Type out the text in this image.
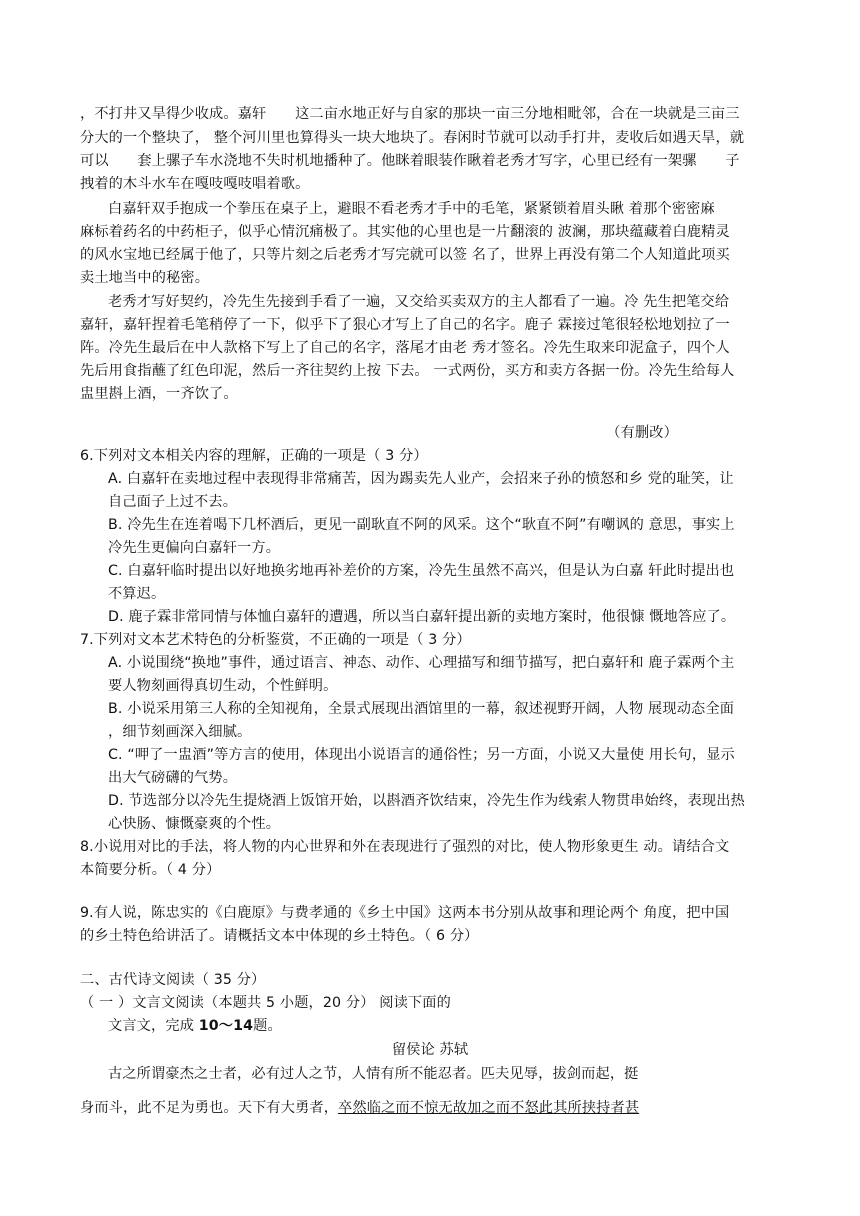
，不打井又旱得少收成。嘉轩　　这二亩水地正好与自家的那块一亩三分地相毗邻，合在一块就是三亩三
分大的一个整块了， 整个河川里也算得头一块大地块了。春闲时节就可以动手打井，麦收后如遇天旱，就
可以　　套上骡子车水浇地不失时机地播种了。他眯着眼装作瞅着老秀才写字，心里已经有一架骡　　子
拽着的木斗水车在嘎吱嘎吱唱着歌。
白嘉轩双手抱成一个拳压在桌子上，避眼不看老秀才手中的毛笔，紧紧锁着眉头瞅 着那个密密麻
麻标着药名的中药柜子，似乎心情沉痛极了。其实他的心里也是一片翻滚的 波澜，那块蕴藏着白鹿精灵
的风水宝地已经属于他了，只等片刻之后老秀才写完就可以签 名了，世界上再没有第二个人知道此项买
卖土地当中的秘密。
老秀才写好契约，冷先生先接到手看了一遍，又交给买卖双方的主人都看了一遍。冷 先生把笔交给
嘉轩，嘉轩捏着毛笔稍停了一下，似乎下了狠心才写上了自己的名字。鹿子 霖接过笔很轻松地划拉了一
阵。冷先生最后在中人款格下写上了自己的名字，落尾才由老 秀才签名。冷先生取来印泥盒子，四个人
先后用食指蘸了红色印泥，然后一齐往契约上按 下去。 一式两份，买方和卖方各据一份。冷先生给每人
盅里斟上酒，一齐饮了。
（有删改）
6.下列对文本相关内容的理解，正确的一项是（ 3 分）
A. 白嘉轩在卖地过程中表现得非常痛苦，因为踢卖先人业产，会招来子孙的愤怒和乡 党的耻笑，让
自己面子上过不去。
B. 冷先生在连着喝下几杯酒后，更见一副耿直不阿的风采。这个“耿直不阿”有嘲讽的 意思，事实上
冷先生更偏向白嘉轩一方。
C. 白嘉轩临时提出以好地换劣地再补差价的方案，冷先生虽然不高兴，但是认为白嘉 轩此时提出也
不算迟。
D. 鹿子霖非常同情与体恤白嘉轩的遭遇，所以当白嘉轩提出新的卖地方案时，他很慷 慨地答应了。
7.下列对文本艺术特色的分析鉴赏，不正确的一项是（ 3 分）
A. 小说围绕“换地”事件，通过语言、神态、动作、心理描写和细节描写，把白嘉轩和 鹿子霖两个主
要人物刻画得真切生动，个性鲜明。
B. 小说采用第三人称的全知视角，全景式展现出酒馆里的一幕，叙述视野开阔，人物 展现动态全面
，细节刻画深入细腻。
C. “呷了一盅酒”等方言的使用，体现出小说语言的通俗性；另一方面，小说又大量使 用长句，显示
出大气磅礴的气势。
D. 节选部分以冷先生提烧酒上饭馆开始，以斟酒齐饮结束，冷先生作为线索人物贯串始终，表现出热
心快肠、慷慨豪爽的个性。
8.小说用对比的手法，将人物的内心世界和外在表现进行了强烈的对比，使人物形象更生 动。请结合文
本简要分析。（ 4 分）
9.有人说，陈忠实的《白鹿原》与费孝通的《乡土中国》这两本书分别从故事和理论两个 角度，把中国
的乡土特色给讲活了。请概括文本中体现的乡土特色。（ 6 分）
二、古代诗文阅读（ 35 分）
（ 一 ）文言文阅读（本题共 5 小题，20 分） 阅读下面的
文言文，完成 10～14题。
留侯论 苏轼
古之所谓豪杰之士者，必有过人之节，人情有所不能忍者。匹夫见辱，拔剑而起，挺
身而斗，此不足为勇也。天下有大勇者，卒然临之而不惊无故加之而不怒此其所挟持者甚
